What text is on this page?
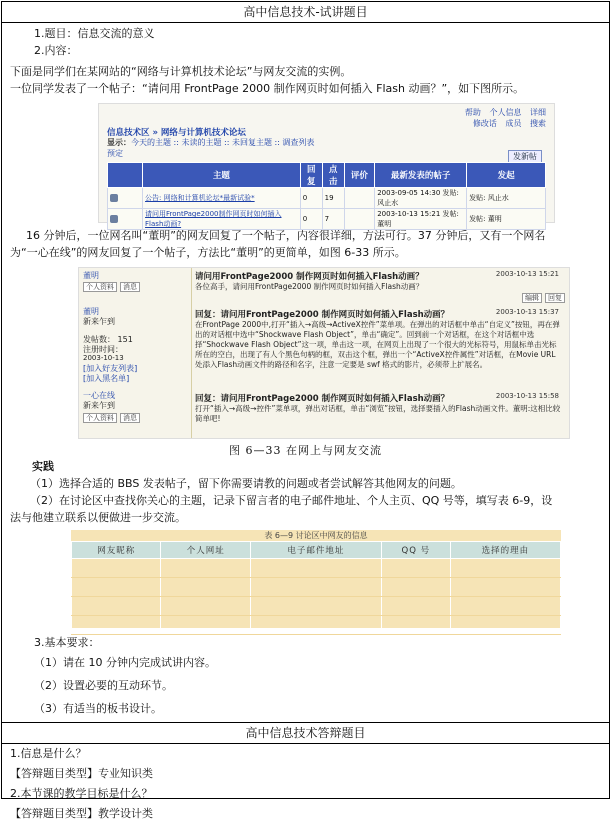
高中信息技术-试讲题目
1.题目：信息交流的意义
2.内容：
下面是同学们在某网站的“网络与计算机技术论坛”与网友交流的实例。
一位同学发表了一个帖子：“请问用 FrontPage 2000 制作网页时如何插入 Flash 动画？”，如下图所示。
帮助 个人信息 详细
修改话 成员 搜索
信息技术区 » 网络与计算机技术论坛
显示：今天的主题 :: 未读的主题 :: 未回复主题 :: 调查列表
预定	发新帖
	主题	回复	点击	评价	最新发表的帖子	发起
	公告: 网络和计算机论坛*最新试验*	0	19		2003-09-05 14:30 发贴: 风止水	发贴: 风止水
	请问用FrontPage2000制作网页时如何插入Flash动画?	0	7		2003-10-13 15:21 发帖: 董明	发帖: 董明
16 分钟后，一位网名叫“董明”的网友回复了一个帖子，内容很详细，方法可行。37 分钟后，又有一个网名
为“一心在线”的网友回复了一个帖子，方法比“董明”的更简单，如图 6-33 所示。
董明
个人资料 消息
请问用FrontPage2000 制作网页时如何插入Flash动画？	2003-10-13 15:21
各位高手，请问用FrontPage2000 制作网页时如何插入Flash动画？
编辑 回复
董明
新来乍到
发帖数： 151
注册时间：
2003-10-13
[加入好友列表]
[加入黑名单]
回复：请问用FrontPage2000 制作网页时如何插入Flash动画？	2003-10-13 15:37
在FrontPage 2000中,打开“插入→高级→ActiveX控件”菜单项。在弹出的对话框中单击“自定义”按钮，再在弹出的对话框中选中“Shockwave Flash Object”，单击“确定”。回到前一个对话框，在这个对话框中选择“Shockwave Flash Object”这一项，单击这一项，在网页上出现了一个很大的光标符号，用鼠标单击光标所在的空白，出现了有人个黑色句柄的框，双击这个框，弹出一个“ActiveX控件属性”对话框，在Movie URL处添入Flash动画文件的路径和名字，注意一定要是 swf 格式的影片，必须带上扩展名。
一心在线
新来乍到
个人资料 消息
回复：请问用FrontPage2000 制作网页时如何插入Flash动画？	2003-10-13 15:58
打开“插入→高级→控件”菜单项，弹出对话框，单击“浏览”按钮，选择要插入的Flash动画文件。董明:这相比较简单吧!
图 6—33 在网上与网友交流
实践
（1）选择合适的 BBS 发表帖子，留下你需要请教的问题或者尝试解答其他网友的问题。
（2）在讨论区中查找你关心的主题，记录下留言者的电子邮件地址、个人主页、QQ 号等，填写表 6-9，设
法与他建立联系以便做进一步交流。
表 6—9 讨论区中网友的信息
网友昵称	个人网址	电子邮件地址	QQ 号	选择的理由

3.基本要求：
（1）请在 10 分钟内完成试讲内容。
（2）设置必要的互动环节。
（3）有适当的板书设计。
高中信息技术答辩题目
1.信息是什么？
【答辩题目类型】专业知识类
2.本节课的教学目标是什么？
【答辩题目类型】教学设计类
